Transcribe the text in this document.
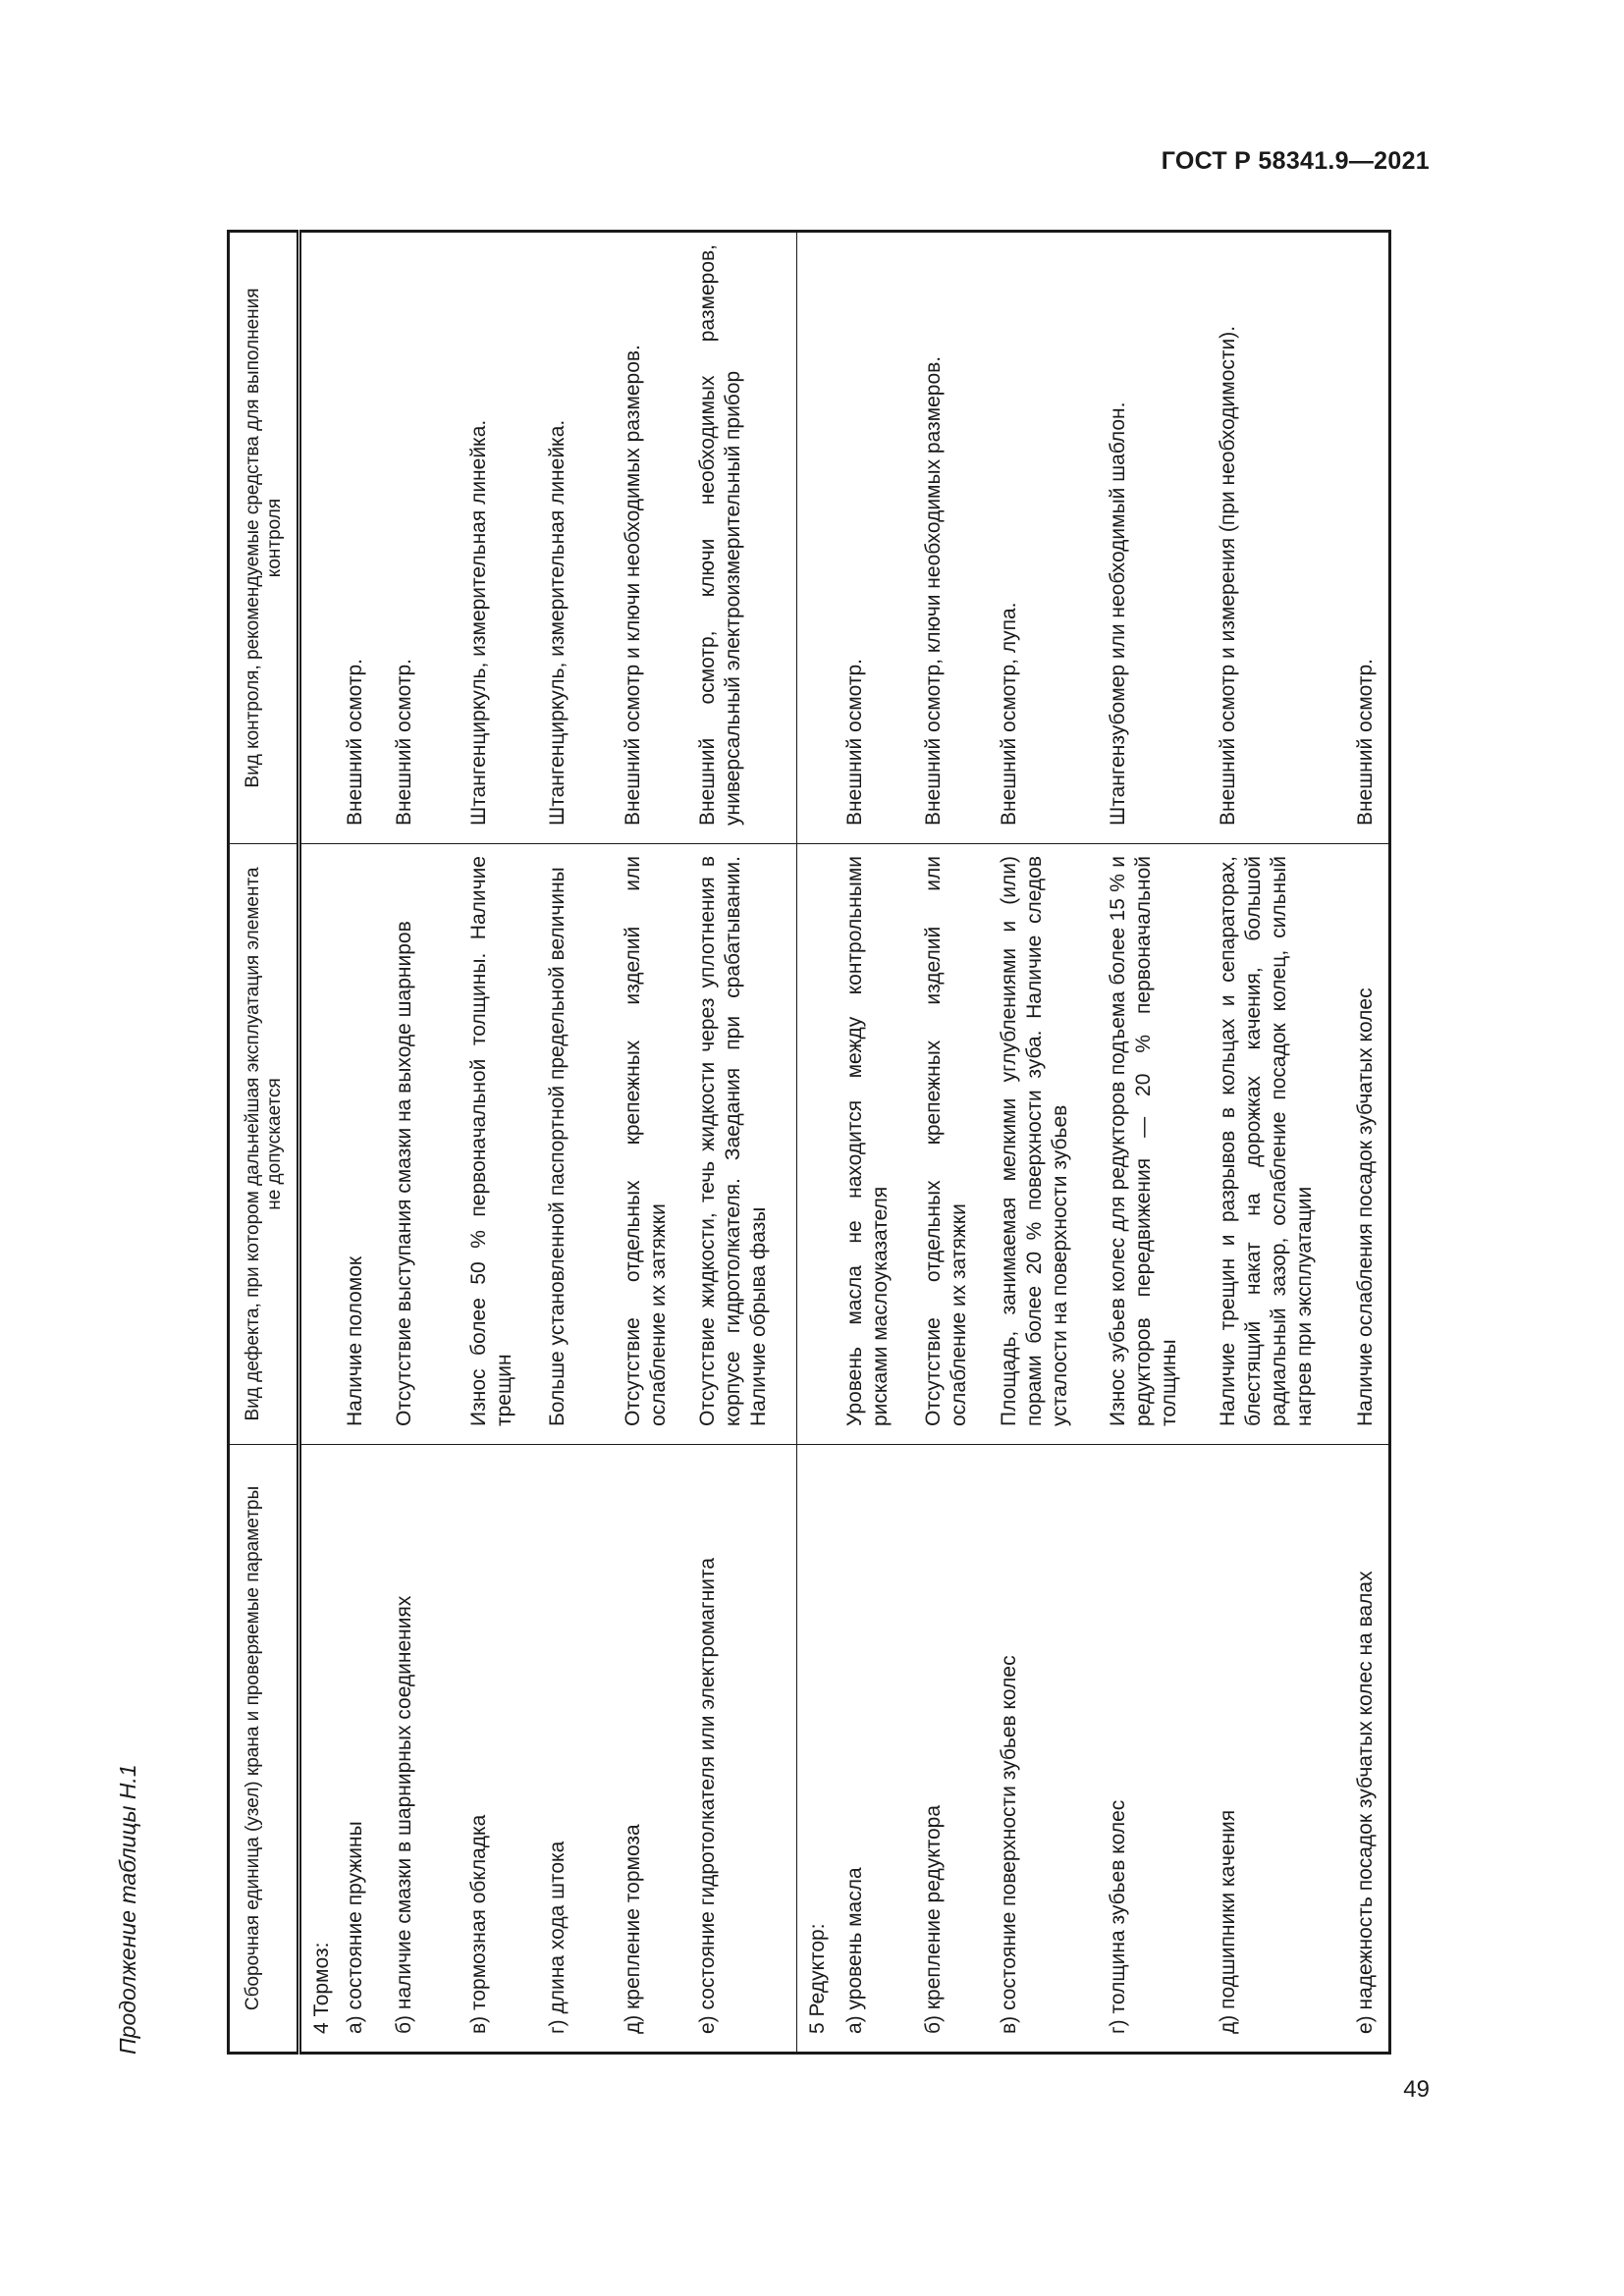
ГОСТ Р 58341.9—2021
Продолжение таблицы Н.1	Сборочная единица (узел) крана и проверяемые параметры	Вид дефекта, при котором дальнейшая эксплуатация элемента не допускается	Вид контроля, рекомендуемые средства для выполнения контроля
4 Тормоз:		
а) состояние пружины	Наличие поломок	Внешний осмотр.
б) наличие смазки в шарнирных соединениях	Отсутствие выступания смазки на выходе шарниров	Внешний осмотр.
в) тормозная обкладка	Износ более 50 % первоначальной толщины. Наличие трещин	Штангенциркуль, измерительная линейка.
г) длина хода штока	Больше установленной паспортной предельной величины	Штангенциркуль, измерительная линейка.
д) крепление тормоза	Отсутствие отдельных крепежных изделий или ослабление их затяжки	Внешний осмотр и ключи необходимых размеров.
е) состояние гидротолкателя или электромагнита	Отсутствие жидкости, течь жидкости через уплотнения в корпусе гидротолкателя. Заедания при срабатывании. Наличие обрыва фазы	Внешний осмотр, ключи необходимых размеров, универсальный электроизмерительный прибор
5 Редуктор:		
а) уровень масла	Уровень масла не находится между контрольными рисками маслоуказателя	Внешний осмотр.
б) крепление редуктора	Отсутствие отдельных крепежных изделий или ослабление их затяжки	Внешний осмотр, ключи необходимых размеров.
в) состояние поверхности зубьев колес	Площадь, занимаемая мелкими углублениями и (или) порами более 20 % поверхности зуба. Наличие следов усталости на поверхности зубьев	Внешний осмотр, лупа.
г) толщина зубьев колес	Износ зубьев колес для редукторов подъема более 15 % и редукторов передвижения — 20 % первоначальной толщины	Штангензубомер или необходимый шаблон.
д) подшипники качения	Наличие трещин и разрывов в кольцах и сепараторах, блестящий накат на дорожках качения, большой радиальный зазор, ослабление посадок колец, сильный нагрев при эксплуатации	Внешний осмотр и измерения (при необходимости).
е) надежность посадок зубчатых колес на валах	Наличие ослабления посадок зубчатых колес	Внешний осмотр.
49
